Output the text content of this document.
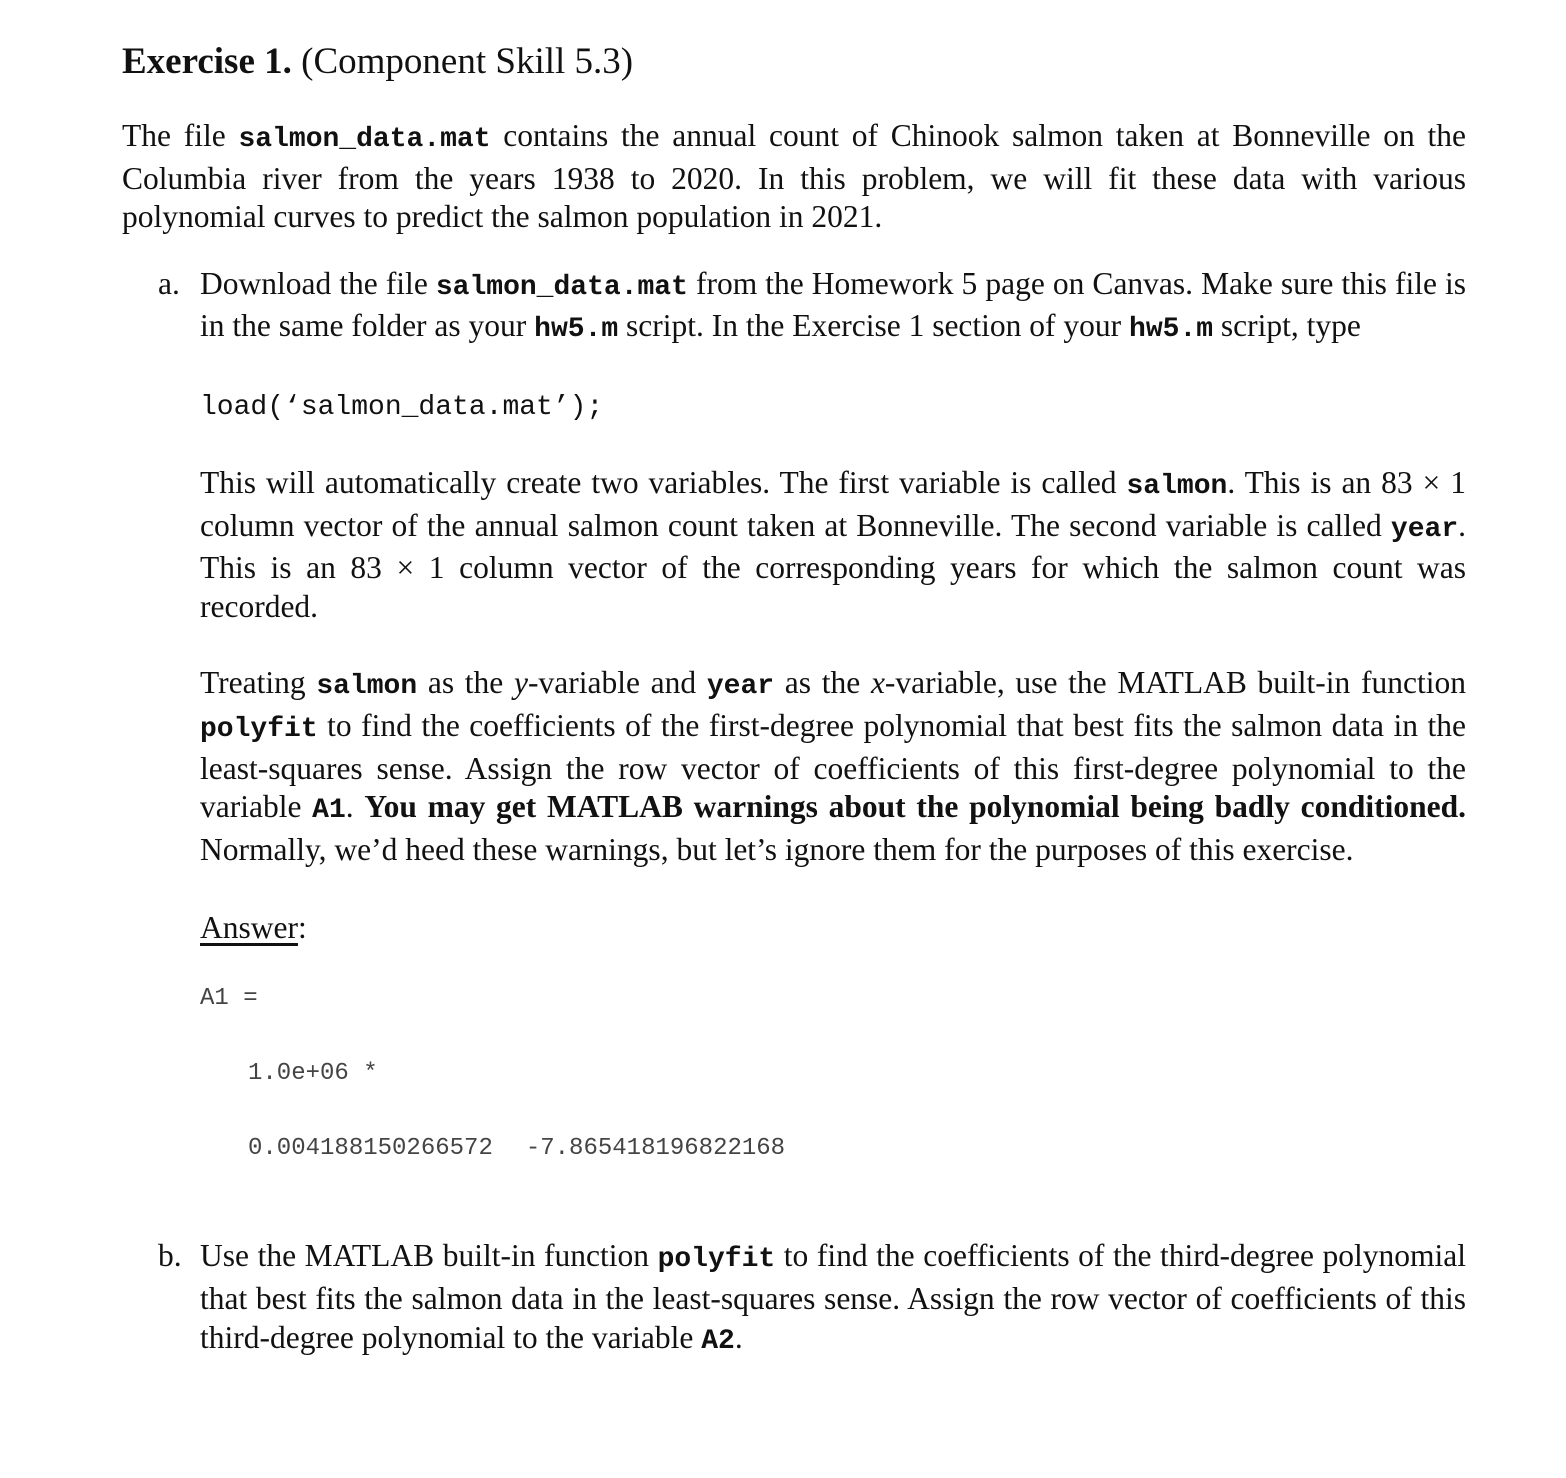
Exercise 1. (Component Skill 5.3)

The file salmon_data.mat contains the annual count of Chinook salmon taken at Bonneville on the Columbia river from the years 1938 to 2020. In this problem, we will fit these data with various polynomial curves to predict the salmon population in 2021.

a. Download the file salmon_data.mat from the Homework 5 page on Canvas. Make sure this file is in the same folder as your hw5.m script. In the Exercise 1 section of your hw5.m script, type

load(‘salmon_data.mat’);

This will automatically create two variables. The first variable is called salmon. This is an 83 × 1 column vector of the annual salmon count taken at Bonneville. The second variable is called year. This is an 83 × 1 column vector of the corresponding years for which the salmon count was recorded.

Treating salmon as the y-variable and year as the x-variable, use the MATLAB built-in function polyfit to find the coefficients of the first-degree polynomial that best fits the salmon data in the least-squares sense. Assign the row vector of coefficients of this first-degree polynomial to the variable A1. You may get MATLAB warnings about the polynomial being badly conditioned. Normally, we’d heed these warnings, but let’s ignore them for the purposes of this exercise.

Answer:
A1 =
1.0e+06 *
0.004188150266572 -7.865418196822168
b. Use the MATLAB built-in function polyfit to find the coefficients of the third-degree polynomial that best fits the salmon data in the least-squares sense. Assign the row vector of coefficients of this third-degree polynomial to the variable A2.
